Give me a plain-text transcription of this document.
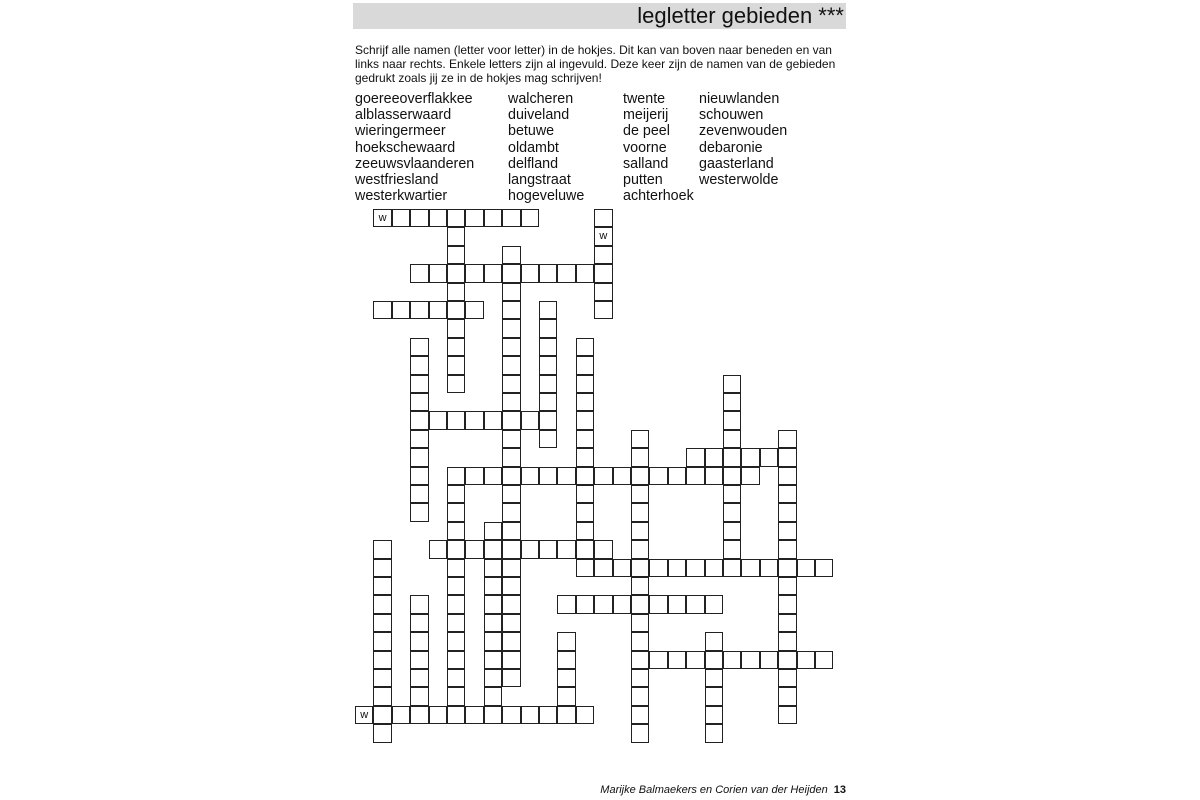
legletter gebieden ***
Schrijf alle namen (letter voor letter) in de hokjes. Dit kan van boven naar beneden en van links naar rechts. Enkele letters zijn al ingevuld. Deze keer zijn de namen van de gebieden gedrukt zoals jij ze in de hokjes mag schrijven!
goereeoverflakkee
alblasserwaard
wieringermeer
hoekschewaard
zeeuwsvlaanderen
westfriesland
westerkwartier
walcheren
duiveland
betuwe
oldambt
delfland
langstraat
hogeveluwe
twente
meijerij
de peel
voorne
salland
putten
achterhoek
nieuwlanden
schouwen
zevenwouden
debaronie
gaasterland
westerwolde
w
w
w
Marijke Balmaekers en Corien van der Heijden 13
